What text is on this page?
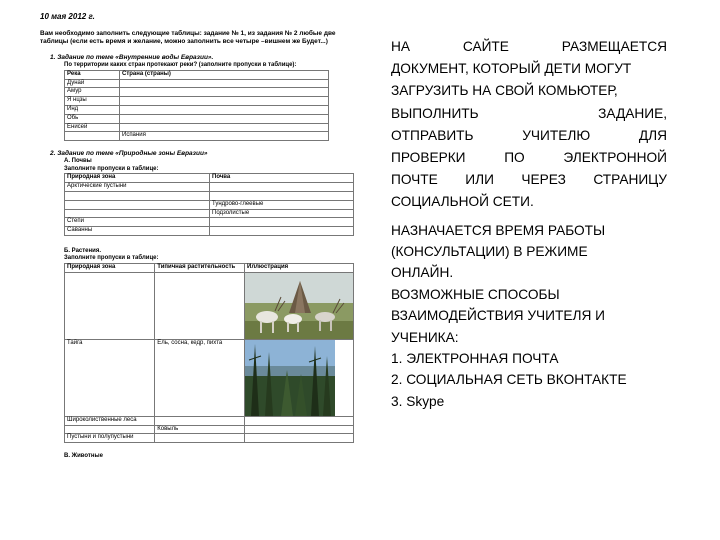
10 мая 2012 г.
Вам необходимо заполнить следующие таблицы: задание № 1, из задания № 2 любые две таблицы (если есть время и желание, можно заполнить все четыре –вишнем же Будет...)
1. Задание по теме «Внутренние воды Евразии».
По территории каких стран протекают реки? (заполните пропуски в таблице):
Река	Страна (страны)
Дунай	
Амур	
Я нцзы	
Инд	
Обь	
Енисей	
	Испания
2. Задание по теме «Природные зоны Евразии»
А. Почвы
Заполните пропуски в таблице:
Природная зона	Почва
Арктические пустыни	

	Тундрово-глеевые
	Подзолистые
Степи	
Саванны	
Б. Растения.
Заполните пропуски в таблице:
Природная зона	Типичная растительность	Иллюстрация

Тайга	Ель, сосна, кедр, пихта	

Широколиственные леса		
	Ковыль	
Пустыни и полупустыни		
В. Животные
НА	САЙТЕ	РАЗМЕЩАЕТСЯ
ДОКУМЕНТ, КОТОРЫЙ ДЕТИ МОГУТ
ЗАГРУЗИТЬ НА СВОЙ КОМЬЮТЕР,
ВЫПОЛНИТЬ	ЗАДАНИЕ,
ОТПРАВИТЬ	УЧИТЕЛЮ	ДЛЯ
ПРОВЕРКИ	ПО	ЭЛЕКТРОННОЙ
ПОЧТЕ ИЛИ ЧЕРЕЗ СТРАНИЦУ
СОЦИАЛЬНОЙ СЕТИ.
НАЗНАЧАЕТСЯ ВРЕМЯ РАБОТЫ
(КОНСУЛЬТАЦИИ) В РЕЖИМЕ
ОНЛАЙН.
ВОЗМОЖНЫЕ СПОСОБЫ
ВЗАИМОДЕЙСТВИЯ УЧИТЕЛЯ И
УЧЕНИКА:
1. ЭЛЕКТРОННАЯ ПОЧТА
2. СОЦИАЛЬНАЯ СЕТЬ ВКОНТАКТЕ
3. Skype
